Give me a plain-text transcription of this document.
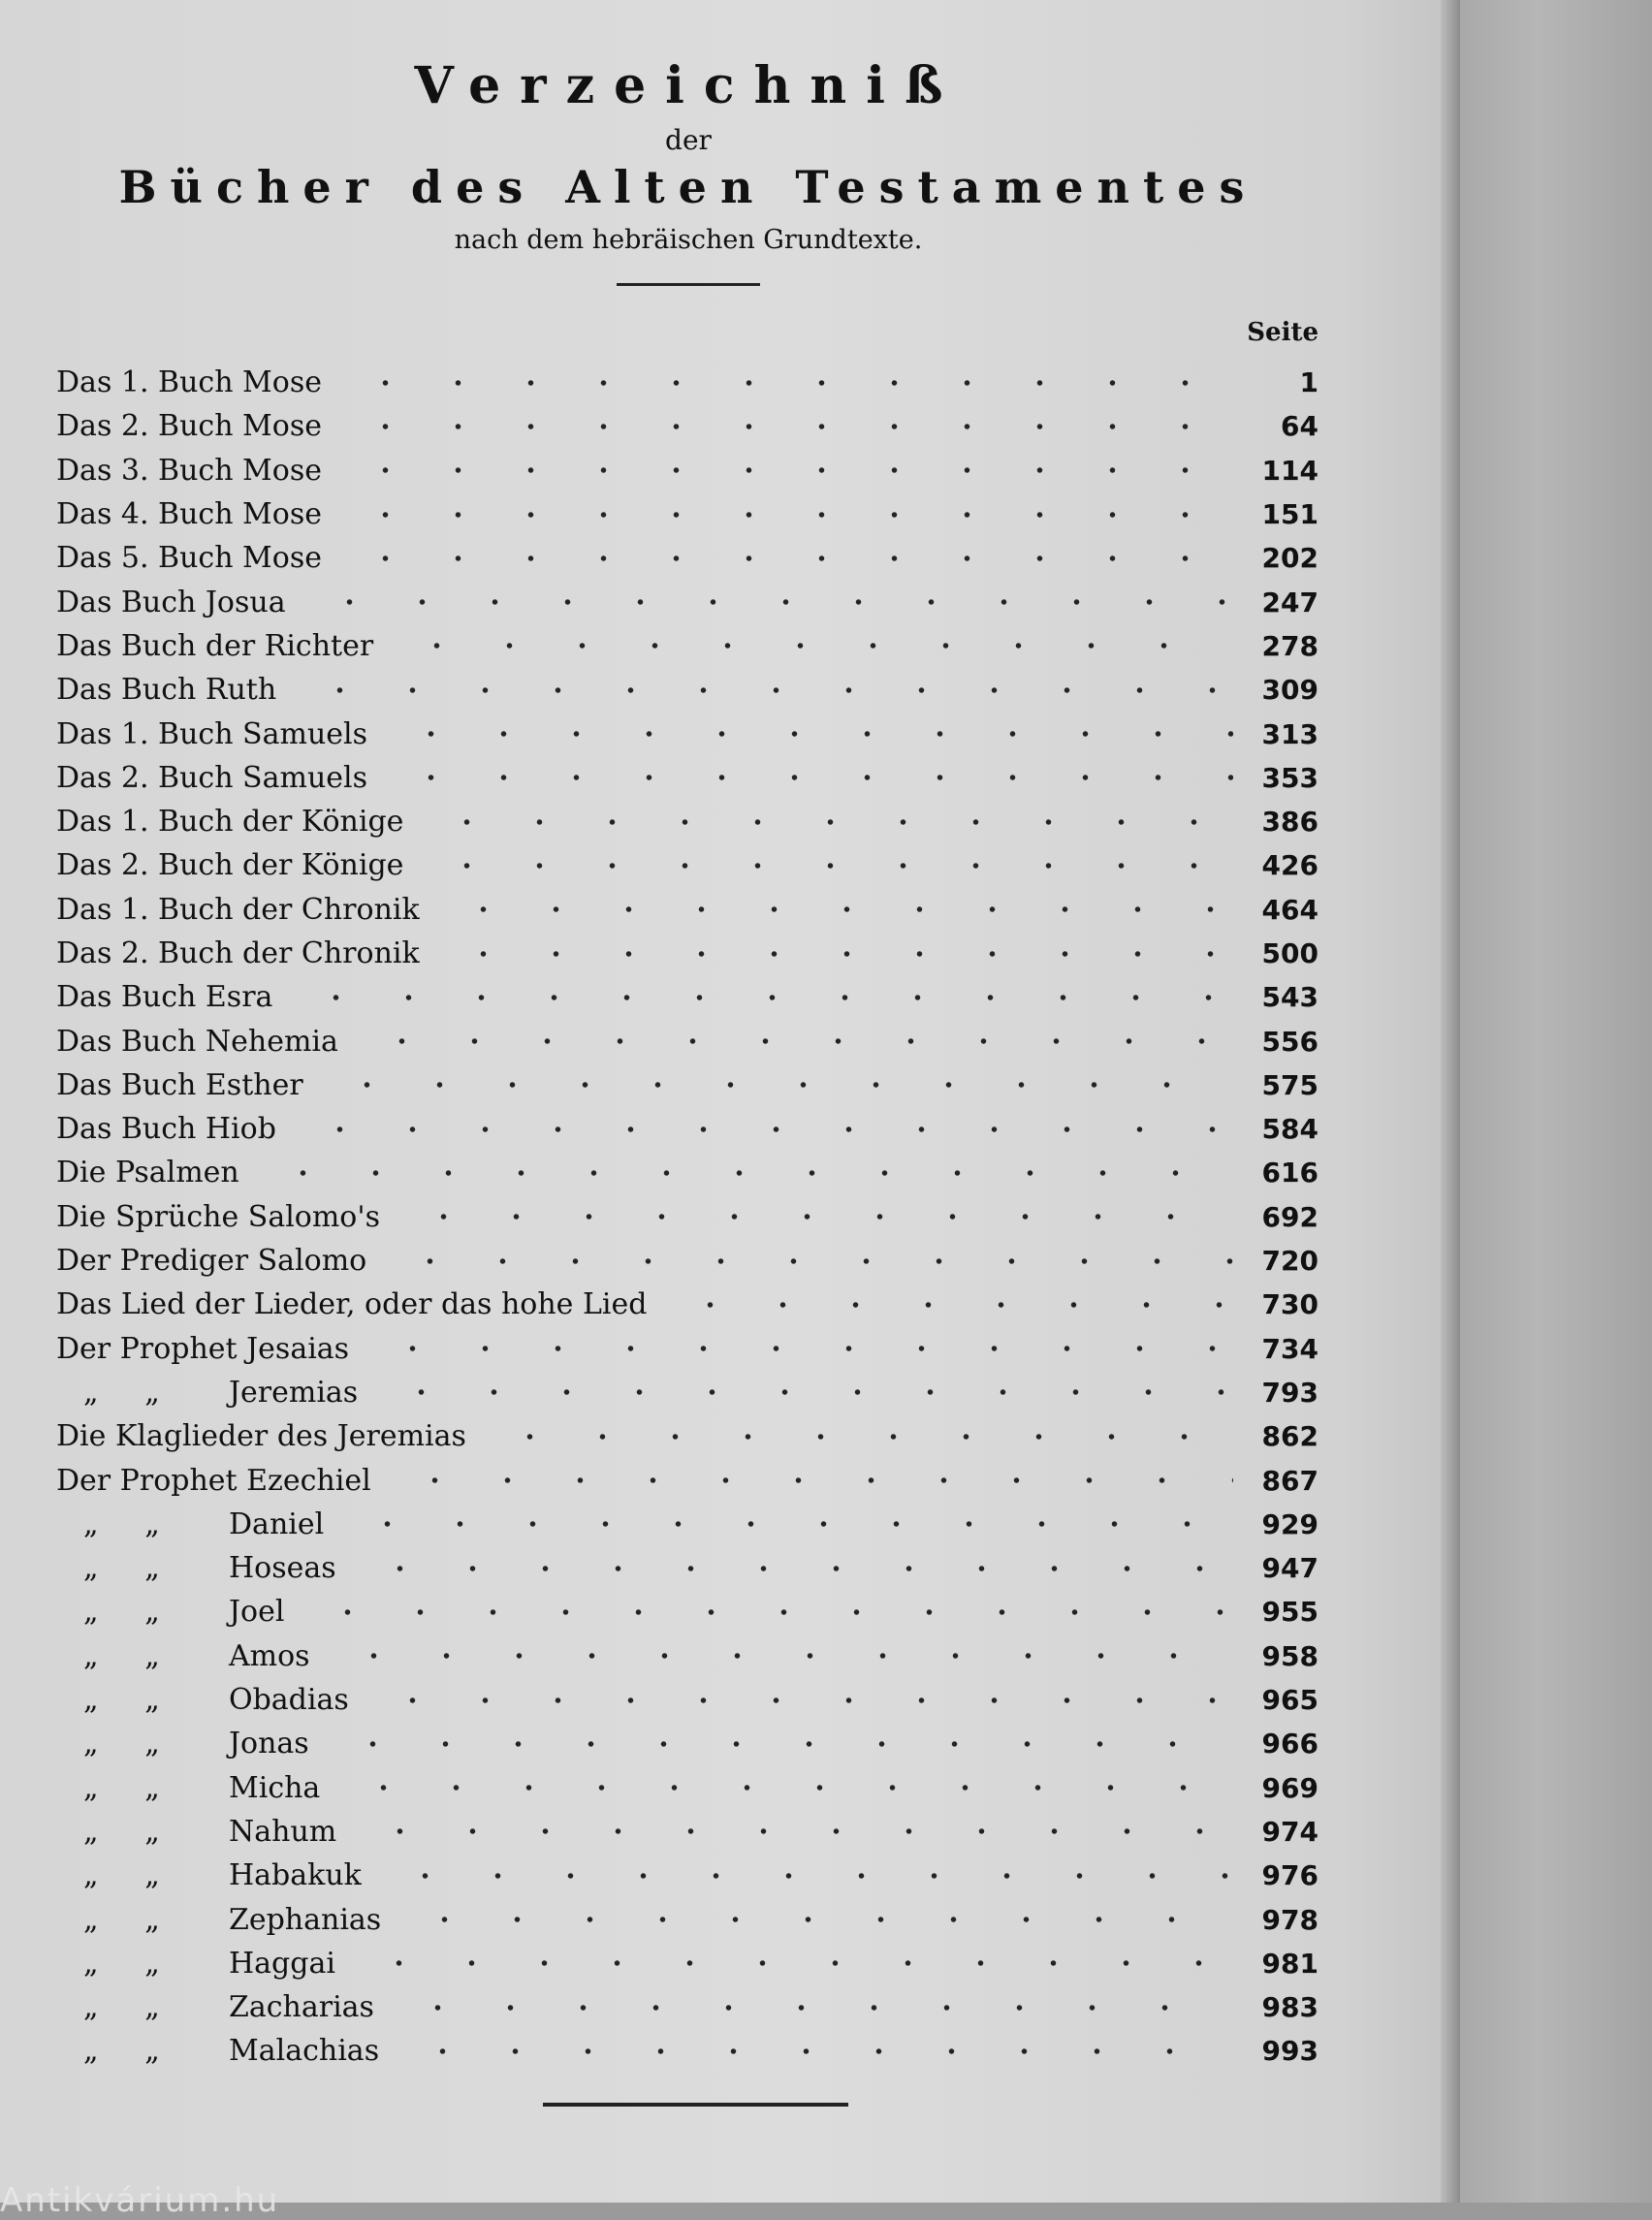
Verzeichniß
der
Bücher des Alten Testamentes
nach dem hebräischen Grundtexte.
Seite
Das 1. Buch Mose	1
Das 2. Buch Mose	64
Das 3. Buch Mose	114
Das 4. Buch Mose	151
Das 5. Buch Mose	202
Das Buch Josua	247
Das Buch der Richter	278
Das Buch Ruth	309
Das 1. Buch Samuels	313
Das 2. Buch Samuels	353
Das 1. Buch der Könige	386
Das 2. Buch der Könige	426
Das 1. Buch der Chronik	464
Das 2. Buch der Chronik	500
Das Buch Esra	543
Das Buch Nehemia	556
Das Buch Esther	575
Das Buch Hiob	584
Die Psalmen	616
Die Sprüche Salomo's	692
Der Prediger Salomo	720
Das Lied der Lieder, oder das hohe Lied	730
Der Prophet Jesaias	734
„     „	Jeremias	793
Die Klaglieder des Jeremias	862
Der Prophet Ezechiel	867
„     „	Daniel	929
„     „	Hoseas	947
„     „	Joel	955
„     „	Amos	958
„     „	Obadias	965
„     „	Jonas	966
„     „	Micha	969
„     „	Nahum	974
„     „	Habakuk	976
„     „	Zephanias	978
„     „	Haggai	981
„     „	Zacharias	983
„     „	Malachias	993
Antikvárium.hu
